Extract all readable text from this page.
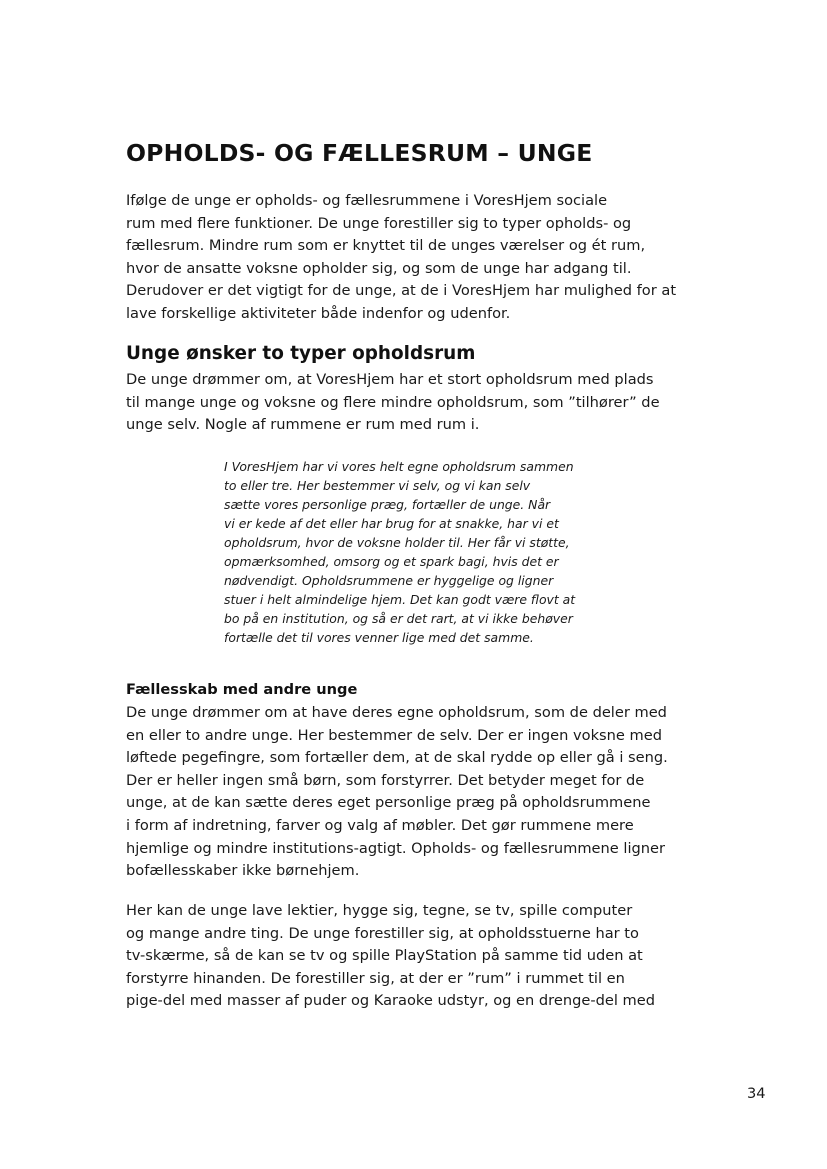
OPHOLDS- OG FÆLLESRUM – UNGE
Ifølge de unge er opholds- og fællesrummene i VoresHjem sociale
rum med flere funktioner. De unge forestiller sig to typer opholds- og
fællesrum. Mindre rum som er knyttet til de unges værelser og ét rum,
hvor de ansatte voksne opholder sig, og som de unge har adgang til.
Derudover er det vigtigt for de unge, at de i VoresHjem har mulighed for at
lave forskellige aktiviteter både indenfor og udenfor.
Unge ønsker to typer opholdsrum
De unge drømmer om, at VoresHjem har et stort opholdsrum med plads
til mange unge og voksne og flere mindre opholdsrum, som ”tilhører” de
unge selv. Nogle af rummene er rum med rum i.
I VoresHjem har vi vores helt egne opholdsrum sammen
to eller tre. Her bestemmer vi selv, og vi kan selv
sætte vores personlige præg, fortæller de unge. Når
vi er kede af det eller har brug for at snakke, har vi et
opholdsrum, hvor de voksne holder til. Her får vi støtte,
opmærksomhed, omsorg og et spark bagi, hvis det er
nødvendigt. Opholdsrummene er hyggelige og ligner
stuer i helt almindelige hjem. Det kan godt være flovt at
bo på en institution, og så er det rart, at vi ikke behøver
fortælle det til vores venner lige med det samme.
Fællesskab med andre unge
De unge drømmer om at have deres egne opholdsrum, som de deler med
en eller to andre unge. Her bestemmer de selv. Der er ingen voksne med
løftede pegefingre, som fortæller dem, at de skal rydde op eller gå i seng.
Der er heller ingen små børn, som forstyrrer. Det betyder meget for de
unge, at de kan sætte deres eget personlige præg på opholdsrummene
i form af indretning, farver og valg af møbler. Det gør rummene mere
hjemlige og mindre institutions-agtigt. Opholds- og fællesrummene ligner
bofællesskaber ikke børnehjem.
Her kan de unge lave lektier, hygge sig, tegne, se tv, spille computer
og mange andre ting. De unge forestiller sig, at opholdsstuerne har to
tv-skærme, så de kan se tv og spille PlayStation på samme tid uden at
forstyrre hinanden. De forestiller sig, at der er ”rum” i rummet til en
pige-del med masser af puder og Karaoke udstyr, og en drenge-del med
34
